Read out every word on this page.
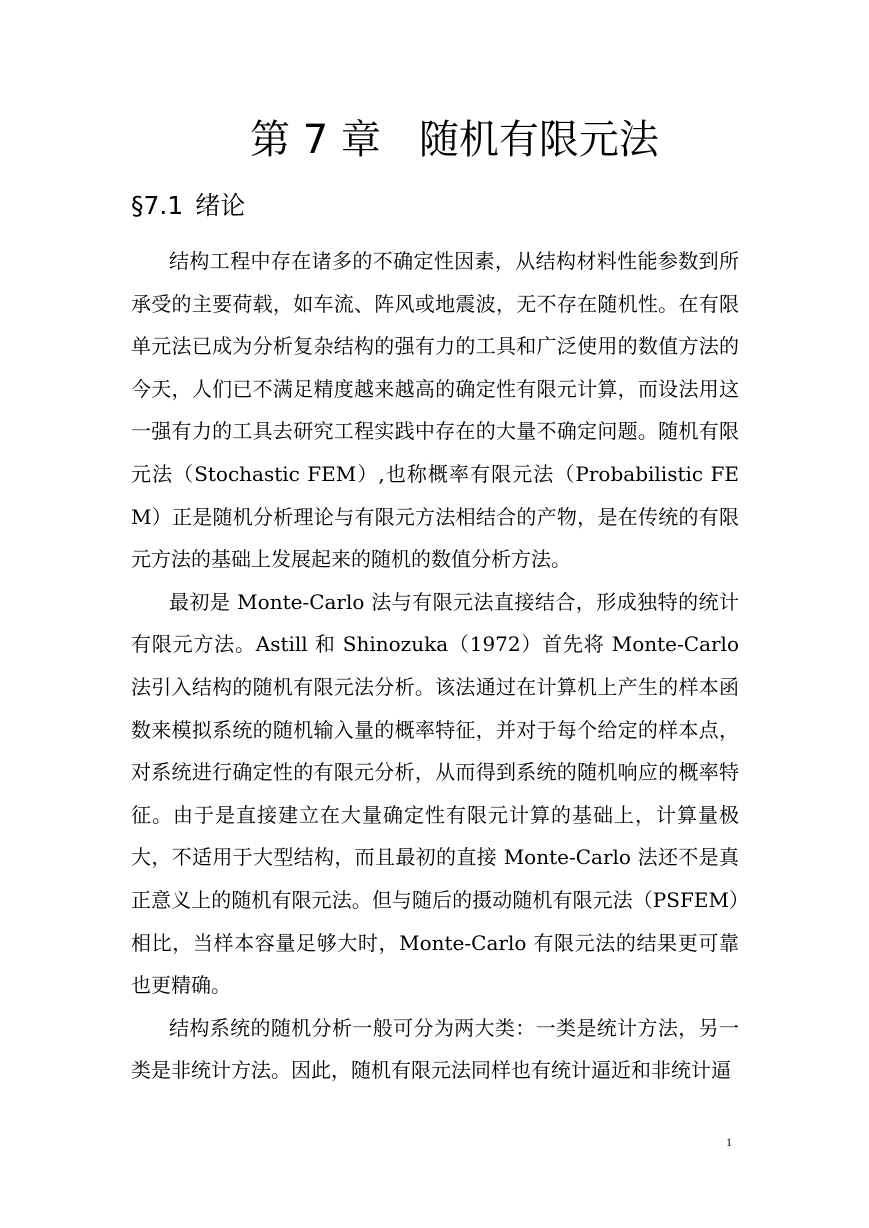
第 7 章 随机有限元法
§7.1 绪论

结构工程中存在诸多的不确定性因素，从结构材料性能参数到所承受的主要荷载，如车流、阵风或地震波，无不存在随机性。在有限单元法已成为分析复杂结构的强有力的工具和广泛使用的数值方法的今天，人们已不满足精度越来越高的确定性有限元计算，而设法用这一强有力的工具去研究工程实践中存在的大量不确定问题。随机有限元法（Stochastic FEM）,也称概率有限元法（Probabilistic FEM）正是随机分析理论与有限元方法相结合的产物，是在传统的有限元方法的基础上发展起来的随机的数值分析方法。

最初是 Monte-Carlo 法与有限元法直接结合，形成独特的统计有限元方法。Astill 和 Shinozuka（1972）首先将 Monte-Carlo 法引入结构的随机有限元法分析。该法通过在计算机上产生的样本函数来模拟系统的随机输入量的概率特征，并对于每个给定的样本点，对系统进行确定性的有限元分析，从而得到系统的随机响应的概率特征。由于是直接建立在大量确定性有限元计算的基础上，计算量极大，不适用于大型结构，而且最初的直接 Monte-Carlo 法还不是真正意义上的随机有限元法。但与随后的摄动随机有限元法（PSFEM）相比，当样本容量足够大时，Monte-Carlo 有限元法的结果更可靠也更精确。

结构系统的随机分析一般可分为两大类：一类是统计方法，另一类是非统计方法。因此，随机有限元法同样也有统计逼近和非统计逼

1
